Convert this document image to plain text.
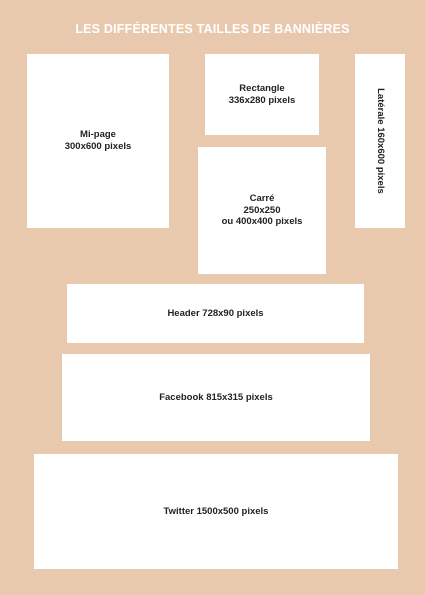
LES DIFFÉRENTES TAILLES DE BANNIÈRES
Mi-page
300x600 pixels
Rectangle
336x280 pixels	Latérale 160x600 pixels
Carré
250x250
ou 400x400 pixels
Header 728x90 pixels
Facebook 815x315 pixels
Twitter 1500x500 pixels
